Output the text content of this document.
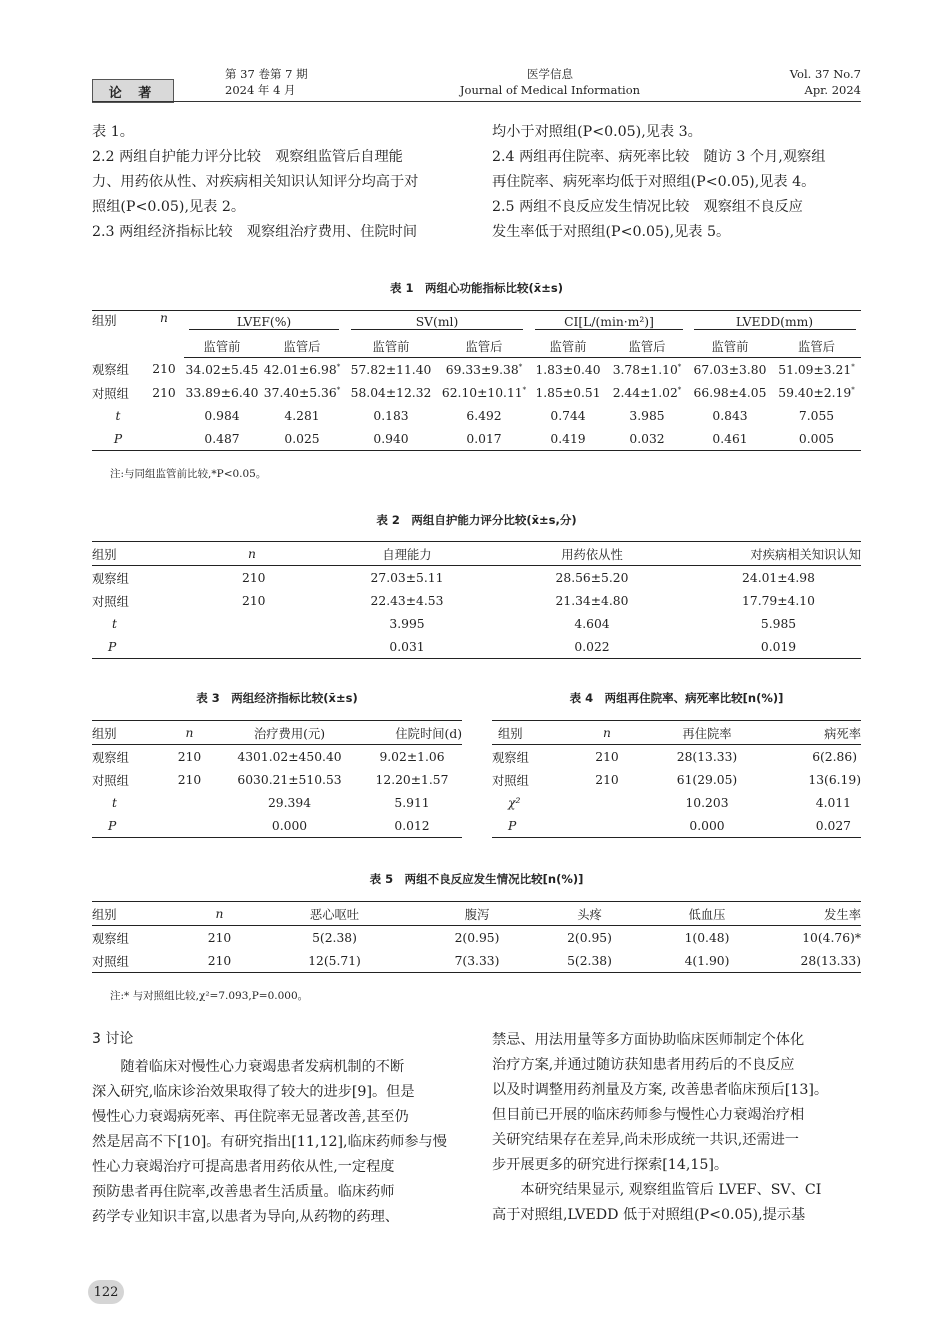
论 著
第 37 卷第 7 期
2024 年 4 月
医学信息
Journal of Medical Information
Vol. 37 No.7
Apr. 2024
表 1。
2.2 两组自护能力评分比较　观察组监管后自理能
力、用药依从性、对疾病相关知识认知评分均高于对
照组(P<0.05),见表 2。
2.3 两组经济指标比较　观察组治疗费用、住院时间
均小于对照组(P<0.05),见表 3。
2.4 两组再住院率、病死率比较　随访 3 个月,观察组
再住院率、病死率均低于对照组(P<0.05),见表 4。
2.5 两组不良反应发生情况比较　观察组不良反应
发生率低于对照组(P<0.05),见表 5。
表 1　两组心功能指标比较(x̄±s)
组别	n	LVEF(%)		SV(ml)		CI[L/(min·m²)]		LVEDD(mm)	
		监管前	监管后	监管前	监管后	监管前	监管后	监管前	监管后
观察组	210	34.02±5.45	42.01±6.98*	57.82±11.40	69.33±9.38*	1.83±0.40	3.78±1.10*	67.03±3.80	51.09±3.21*
对照组	210	33.89±6.40	37.40±5.36*	58.04±12.32	62.10±10.11*	1.85±0.51	2.44±1.02*	66.98±4.05	59.40±2.19*
t		0.984	4.281	0.183	6.492	0.744	3.985	0.843	7.055
P		0.487	0.025	0.940	0.017	0.419	0.032	0.461	0.005
注:与同组监管前比较,*P<0.05。
表 2　两组自护能力评分比较(x̄±s,分)
组别	n	自理能力	用药依从性	对疾病相关知识认知
观察组	210	27.03±5.11	28.56±5.20	24.01±4.98
对照组	210	22.43±4.53	21.34±4.80	17.79±4.10
t		3.995	4.604	5.985
P		0.031	0.022	0.019
表 3　两组经济指标比较(x̄±s)
组别	n	治疗费用(元)	住院时间(d)
观察组	210	4301.02±450.40	9.02±1.06
对照组	210	6030.21±510.53	12.20±1.57
t		29.394	5.911
P		0.000	0.012
表 4　两组再住院率、病死率比较[n(%)]
组别	n	再住院率	病死率
观察组	210	28(13.33)	6(2.86)
对照组	210	61(29.05)	13(6.19)
χ²		10.203	4.011
P		0.000	0.027
表 5　两组不良反应发生情况比较[n(%)]
组别	n	恶心呕吐	腹泻	头疼	低血压	发生率
观察组	210	5(2.38)	2(0.95)	2(0.95)	1(0.48)	10(4.76)*
对照组	210	12(5.71)	7(3.33)	5(2.38)	4(1.90)	28(13.33)
注:* 与对照组比较,χ²=7.093,P=0.000。
3 讨论
　　随着临床对慢性心力衰竭患者发病机制的不断
深入研究,临床诊治效果取得了较大的进步[9]。但是
慢性心力衰竭病死率、再住院率无显著改善,甚至仍
然是居高不下[10]。有研究指出[11,12],临床药师参与慢
性心力衰竭治疗可提高患者用药依从性,一定程度
预防患者再住院率,改善患者生活质量。临床药师
药学专业知识丰富,以患者为导向,从药物的药理、
禁忌、用法用量等多方面协助临床医师制定个体化
治疗方案,并通过随访获知患者用药后的不良反应
以及时调整用药剂量及方案, 改善患者临床预后[13]。
但目前已开展的临床药师参与慢性心力衰竭治疗相
关研究结果存在差异,尚未形成统一共识,还需进一
步开展更多的研究进行探索[14,15]。
　　本研究结果显示, 观察组监管后 LVEF、SV、CI
高于对照组,LVEDD 低于对照组(P<0.05),提示基
122
